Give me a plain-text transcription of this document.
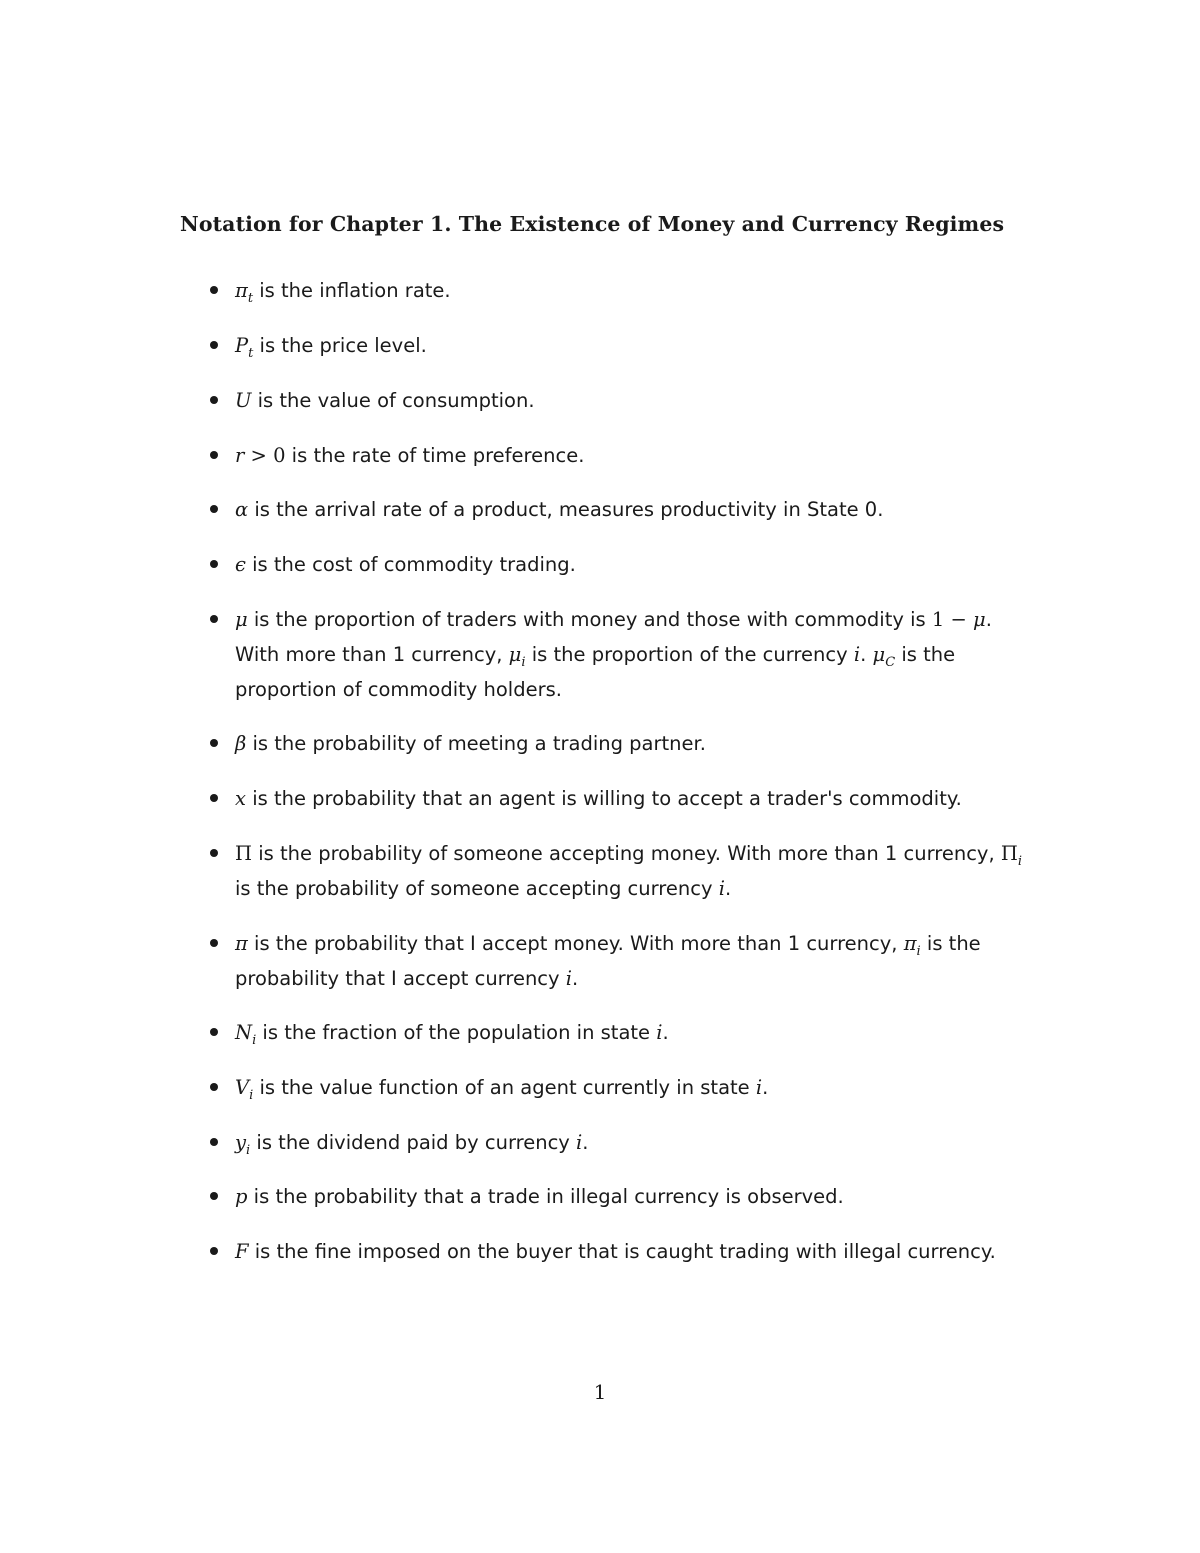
Notation for Chapter 1. The Existence of Money and Currency Regimes
$\pi_t$ is the inflation rate.
$P_t$ is the price level.
U is the value of consumption.
r > 0 is the rate of time preference.
α is the arrival rate of a product, measures productivity in State 0.
ϵ is the cost of commodity trading.
μ is the proportion of traders with money and those with commodity is 1 − μ. With more than 1 currency, $\mu_i$ is the proportion of the currency i. $\mu_C$ is the proportion of commodity holders.
β is the probability of meeting a trading partner.
x is the probability that an agent is willing to accept a trader's commodity.
Π is the probability of someone accepting money. With more than 1 currency, $\Pi_i$ is the probability of someone accepting currency i.
π is the probability that I accept money. With more than 1 currency, $\pi_i$ is the probability that I accept currency i.
$N_i$ is the fraction of the population in state i.
$V_i$ is the value function of an agent currently in state i.
$y_i$ is the dividend paid by currency i.
p is the probability that a trade in illegal currency is observed.
F is the fine imposed on the buyer that is caught trading with illegal currency.
1
